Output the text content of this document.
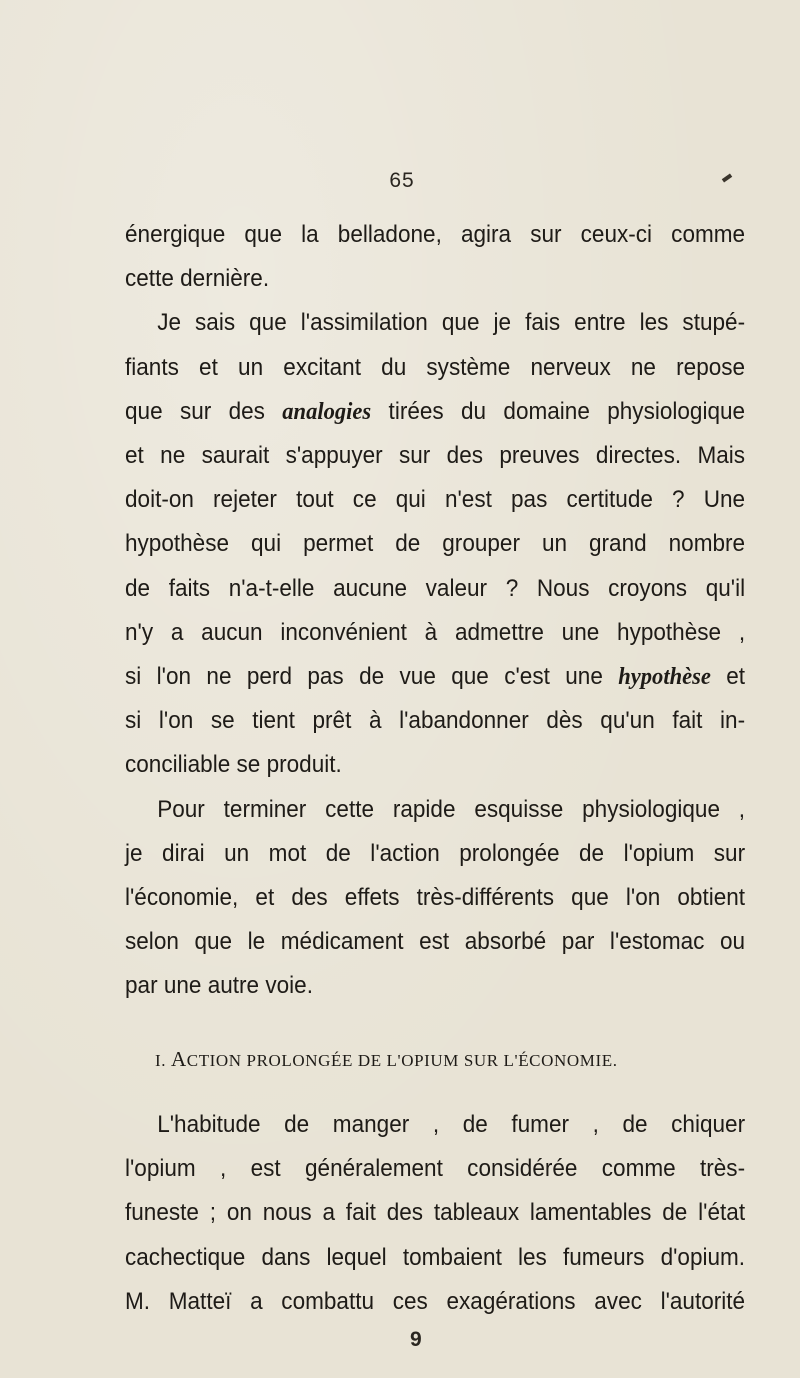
65
énergique que la belladone, agira sur ceux-ci comme
cette dernière.
Je sais que l'assimilation que je fais entre les stupé-
fiants et un excitant du système nerveux ne repose
que sur des analogies tirées du domaine physiologique
et ne saurait s'appuyer sur des preuves directes. Mais
doit-on rejeter tout ce qui n'est pas certitude ? Une
hypothèse qui permet de grouper un grand nombre
de faits n'a-t-elle aucune valeur ? Nous croyons qu'il
n'y a aucun inconvénient à admettre une hypothèse ,
si l'on ne perd pas de vue que c'est une hypothèse et
si l'on se tient prêt à l'abandonner dès qu'un fait in-
conciliable se produit.
Pour terminer cette rapide esquisse physiologique ,
je dirai un mot de l'action prolongée de l'opium sur
l'économie, et des effets très-différents que l'on obtient
selon que le médicament est absorbé par l'estomac ou
par une autre voie.
I. ACTION PROLONGÉE DE L'OPIUM SUR L'ÉCONOMIE.
L'habitude de manger , de fumer , de chiquer
l'opium , est généralement considérée comme très-
funeste ; on nous a fait des tableaux lamentables de l'état
cachectique dans lequel tombaient les fumeurs d'opium.
M. Matteï a combattu ces exagérations avec l'autorité
9
